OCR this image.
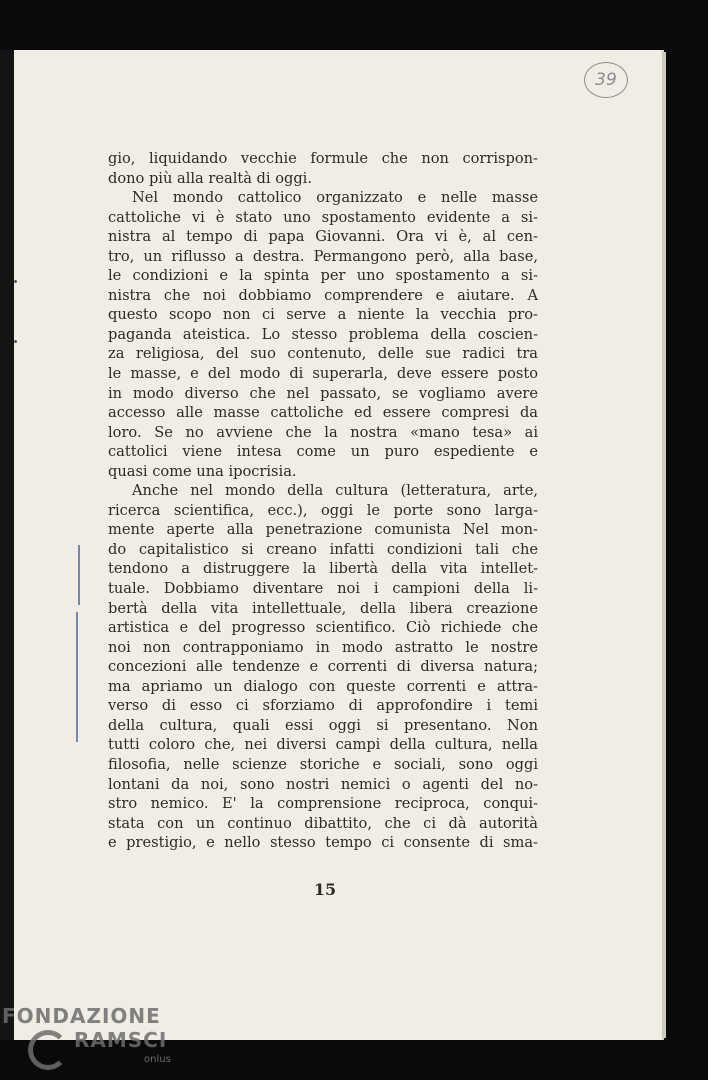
39
gio, liquidando vecchie formule che non corrispon-
dono più alla realtà di oggi.
Nel mondo cattolico organizzato e nelle masse
cattoliche vi è stato uno spostamento evidente a si-
nistra al tempo di papa Giovanni. Ora vi è, al cen-
tro, un riflusso a destra. Permangono però, alla base,
le condizioni e la spinta per uno spostamento a si-
nistra che noi dobbiamo comprendere e aiutare. A
questo scopo non ci serve a niente la vecchia pro-
paganda ateistica. Lo stesso problema della coscien-
za religiosa, del suo contenuto, delle sue radici tra
le masse, e del modo di superarla, deve essere posto
in modo diverso che nel passato, se vogliamo avere
accesso alle masse cattoliche ed essere compresi da
loro. Se no avviene che la nostra «mano tesa» ai
cattolici viene intesa come un puro espediente e
quasi come una ipocrisia.
Anche nel mondo della cultura (letteratura, arte,
ricerca scientifica, ecc.), oggi le porte sono larga-
mente aperte alla penetrazione comunista Nel mon-
do capitalistico si creano infatti condizioni tali che
tendono a distruggere la libertà della vita intellet-
tuale. Dobbiamo diventare noi i campioni della li-
bertà della vita intellettuale, della libera creazione
artistica e del progresso scientifico. Ciò richiede che
noi non contrapponiamo in modo astratto le nostre
concezioni alle tendenze e correnti di diversa natura;
ma apriamo un dialogo con queste correnti e attra-
verso di esso ci sforziamo di approfondire i temi
della cultura, quali essi oggi si presentano. Non
tutti coloro che, nei diversi campi della cultura, nella
filosofia, nelle scienze storiche e sociali, sono oggi
lontani da noi, sono nostri nemici o agenti del no-
stro nemico. E' la comprensione reciproca, conqui-
stata con un continuo dibattito, che ci dà autorità
e prestigio, e nello stesso tempo ci consente di sma-
15
FONDAZIONE
RAMSCI
onlus
